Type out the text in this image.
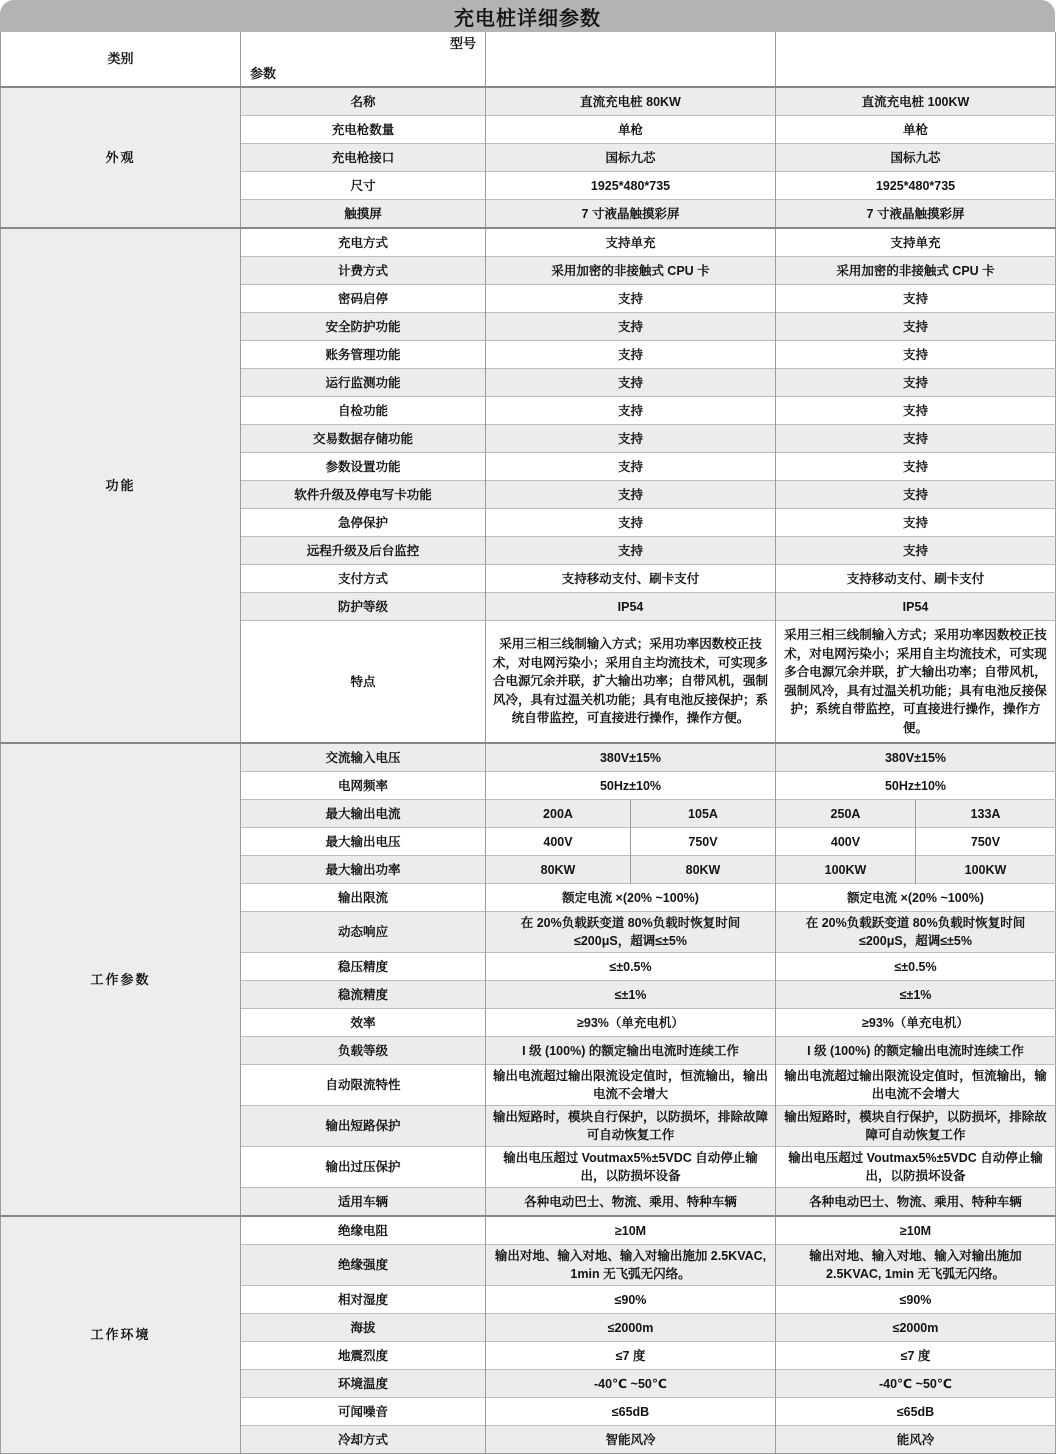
充电桩详细参数
类别	型号
参数				

外观	名称	直流充电桩 80KW		直流充电桩 100KW	
	充电枪数量	单枪		单枪	
	充电枪接口	国标九芯		国标九芯	
	尺寸	1925*480*735		1925*480*735	
	触摸屏	7 寸液晶触摸彩屏		7 寸液晶触摸彩屏	
功能	充电方式	支持单充		支持单充	
	计费方式	采用加密的非接触式 CPU 卡		采用加密的非接触式 CPU 卡	
	密码启停	支持		支持	
	安全防护功能	支持		支持	
	账务管理功能	支持		支持	
	运行监测功能	支持		支持	
	自检功能	支持		支持	
	交易数据存储功能	支持		支持	
	参数设置功能	支持		支持	
	软件升级及停电写卡功能	支持		支持	
	急停保护	支持		支持	
	远程升级及后台监控	支持		支持	
	支付方式	支持移动支付、刷卡支付		支持移动支付、刷卡支付	
	防护等级	IP54		IP54	
	特点	采用三相三线制输入方式；采用功率因数校正技术，对电网污染小；采用自主均流技术，可实现多合电源冗余并联，扩大输出功率；自带风机，强制风冷，具有过温关机功能；具有电池反接保护；系统自带监控，可直接进行操作，操作方便。		采用三相三线制输入方式；采用功率因数校正技术，对电网污染小；采用自主均流技术，可实现多合电源冗余并联，扩大输出功率；自带风机，强制风冷，具有过温关机功能；具有电池反接保护；系统自带监控，可直接进行操作，操作方便。	
工作参数	交流输入电压	380V±15%		380V±15%	
	电网频率	50Hz±10%		50Hz±10%	
	最大输出电流	200A	105A	250A	133A
	最大输出电压	400V	750V	400V	750V
	最大输出功率	80KW	80KW	100KW	100KW
	输出限流	额定电流 ×(20% ~100%)		额定电流 ×(20% ~100%)	
	动态响应	在 20%负载跃变道 80%负载时恢复时间 ≤200μS，超调≤±5%		在 20%负载跃变道 80%负载时恢复时间 ≤200μS，超调≤±5%	
	稳压精度	≤±0.5%		≤±0.5%	
	稳流精度	≤±1%		≤±1%	
	效率	≥93%（单充电机）		≥93%（单充电机）	
	负载等级	I 级 (100%) 的额定输出电流时连续工作		I 级 (100%) 的额定输出电流时连续工作	
	自动限流特性	输出电流超过输出限流设定值时，恒流输出，输出电流不会增大		输出电流超过输出限流设定值时，恒流输出，输出电流不会增大	
	输出短路保护	输出短路时，模块自行保护，以防损坏，排除故障可自动恢复工作		输出短路时，模块自行保护，以防损坏，排除故障可自动恢复工作	
	输出过压保护	输出电压超过 Voutmax5%±5VDC 自动停止输出，以防损坏设备		输出电压超过 Voutmax5%±5VDC 自动停止输出，以防损坏设备	
	适用车辆	各种电动巴士、物流、乘用、特种车辆		各种电动巴士、物流、乘用、特种车辆	
工作环境	绝缘电阻	≥10M		≥10M	
	绝缘强度	输出对地、输入对地、输入对输出施加 2.5KVAC, 1min 无飞弧无闪络。		输出对地、输入对地、输入对输出施加 2.5KVAC, 1min 无飞弧无闪络。	
	相对湿度	≤90%		≤90%	
	海拔	≤2000m		≤2000m	
	地震烈度	≤7 度		≤7 度	
	环境温度	-40℃ ~50℃		-40℃ ~50℃	
	可闻噪音	≤65dB		≤65dB	
	冷却方式	智能风冷		能风冷	
